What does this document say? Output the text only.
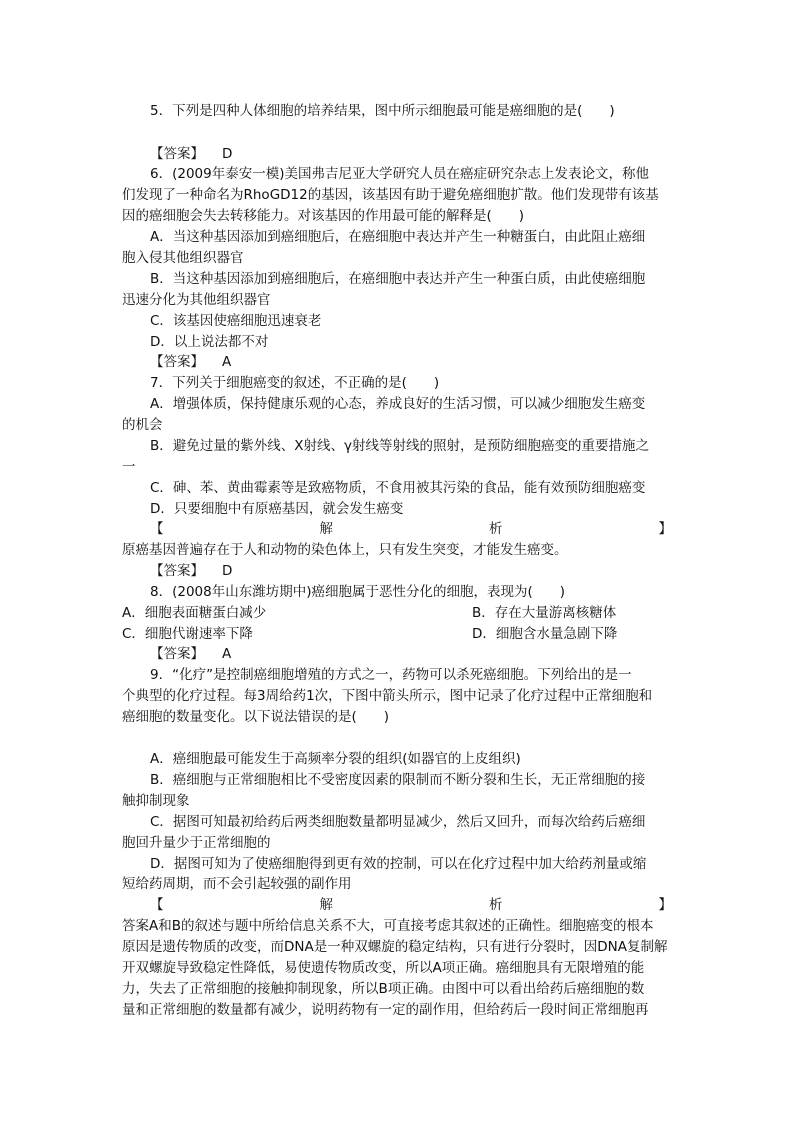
5．下列是四种人体细胞的培养结果，图中所示细胞最可能是癌细胞的是(　　)
【答案】 D
6．(2009年泰安一模)美国弗吉尼亚大学研究人员在癌症研究杂志上发表论文，称他
们发现了一种命名为RhoGD12的基因，该基因有助于避免癌细胞扩散。他们发现带有该基
因的癌细胞会失去转移能力。对该基因的作用最可能的解释是(　　)
A．当这种基因添加到癌细胞后，在癌细胞中表达并产生一种糖蛋白，由此阻止癌细
胞入侵其他组织器官
B．当这种基因添加到癌细胞后，在癌细胞中表达并产生一种蛋白质，由此使癌细胞
迅速分化为其他组织器官
C．该基因使癌细胞迅速衰老
D．以上说法都不对
【答案】 A
7．下列关于细胞癌变的叙述，不正确的是(　　)
A．增强体质，保持健康乐观的心态，养成良好的生活习惯，可以减少细胞发生癌变
的机会
B．避免过量的紫外线、X射线、γ射线等射线的照射，是预防细胞癌变的重要措施之
一
C．砷、苯、黄曲霉素等是致癌物质，不食用被其污染的食品，能有效预防细胞癌变
D．只要细胞中有原癌基因，就会发生癌变
【	解	析	】
原癌基因普遍存在于人和动物的染色体上，只有发生突变，才能发生癌变。
【答案】 D
8．(2008年山东潍坊期中)癌细胞属于恶性分化的细胞，表现为(　　)
A．细胞表面糖蛋白减少	B．存在大量游离核糖体
C．细胞代谢速率下降	D．细胞含水量急剧下降
【答案】 A
9．“化疗”是控制癌细胞增殖的方式之一，药物可以杀死癌细胞。下列给出的是一
个典型的化疗过程。每3周给药1次，下图中箭头所示，图中记录了化疗过程中正常细胞和
癌细胞的数量变化。以下说法错误的是(　　)
A．癌细胞最可能发生于高频率分裂的组织(如器官的上皮组织)
B．癌细胞与正常细胞相比不受密度因素的限制而不断分裂和生长，无正常细胞的接
触抑制现象
C．据图可知最初给药后两类细胞数量都明显减少，然后又回升，而每次给药后癌细
胞回升量少于正常细胞的
D．据图可知为了使癌细胞得到更有效的控制，可以在化疗过程中加大给药剂量或缩
短给药周期，而不会引起较强的副作用
【	解	析	】
答案A和B的叙述与题中所给信息关系不大，可直接考虑其叙述的正确性。细胞癌变的根本
原因是遗传物质的改变，而DNA是一种双螺旋的稳定结构，只有进行分裂时，因DNA复制解
开双螺旋导致稳定性降低，易使遗传物质改变，所以A项正确。癌细胞具有无限增殖的能
力，失去了正常细胞的接触抑制现象，所以B项正确。由图中可以看出给药后癌细胞的数
量和正常细胞的数量都有减少，说明药物有一定的副作用，但给药后一段时间正常细胞再
